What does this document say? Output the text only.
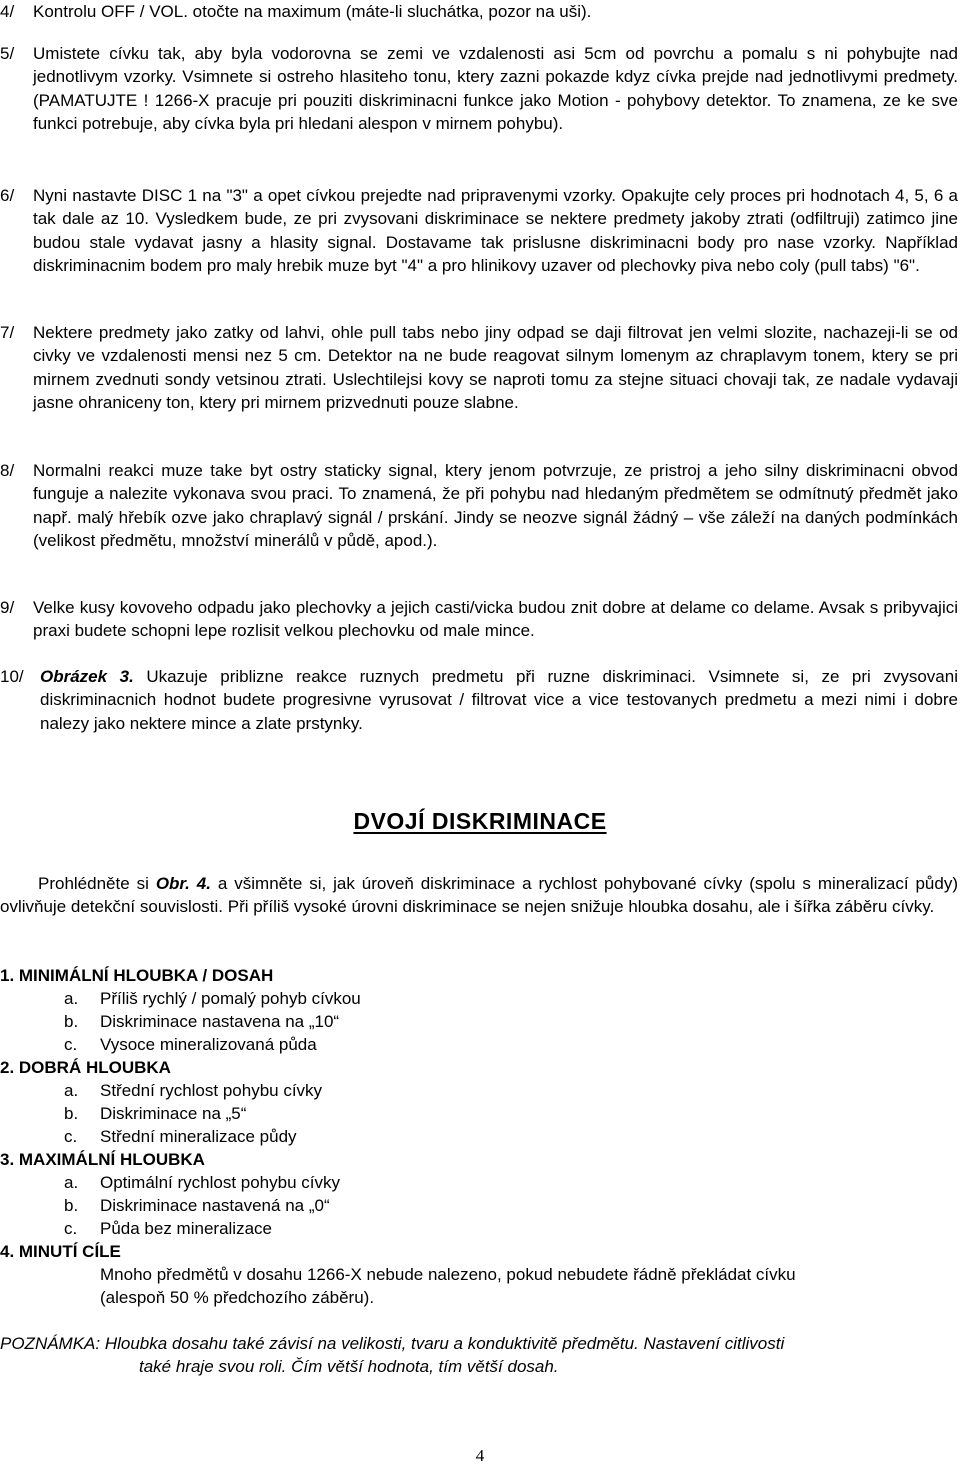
4/ Kontrolu OFF / VOL. otočte na maximum (máte-li sluchátka, pozor na uši).
5/ Umistete cívku tak, aby byla vodorovna se zemi ve vzdalenosti asi 5cm od povrchu a pomalu s ni pohybujte nad jednotlivym vzorky. Vsimnete si ostreho hlasiteho tonu, ktery zazni pokazde kdyz cívka prejde nad jednotlivymi predmety. (PAMATUJTE ! 1266-X pracuje pri pouziti diskriminacni funkce jako Motion - pohybovy detektor. To znamena, ze ke sve funkci potrebuje, aby cívka byla pri hledani alespon v mirnem pohybu).
6/ Nyni nastavte DISC 1 na "3" a opet cívkou prejedte nad pripravenymi vzorky. Opakujte cely proces pri hodnotach 4, 5, 6 a tak dale az 10. Vysledkem bude, ze pri zvysovani diskriminace se nektere predmety jakoby ztrati (odfiltruji) zatimco jine budou stale vydavat jasny a hlasity signal. Dostavame tak prislusne diskriminacni body pro nase vzorky. Například diskriminacnim bodem pro maly hrebik muze byt "4" a pro hlinikovy uzaver od plechovky piva nebo coly (pull tabs) "6".
7/ Nektere predmety jako zatky od lahvi, ohle pull tabs nebo jiny odpad se daji filtrovat jen velmi slozite, nachazeji-li se od civky ve vzdalenosti mensi nez 5 cm. Detektor na ne bude reagovat silnym lomenym az chraplavym tonem, ktery se pri mirnem zvednuti sondy vetsinou ztrati. Uslechtilejsi kovy se naproti tomu za stejne situaci chovaji tak, ze nadale vydavaji jasne ohraniceny ton, ktery pri mirnem prizvednuti pouze slabne.
8/ Normalni reakci muze take byt ostry staticky signal, ktery jenom potvrzuje, ze pristroj a jeho silny diskriminacni obvod funguje a nalezite vykonava svou praci. To znamená, že při pohybu nad hledaným předmětem se odmítnutý předmět jako např. malý hřebík ozve jako chraplavý signál / prskání. Jindy se neozve signál žádný – vše záleží na daných podmínkách (velikost předmětu, množství minerálů v půdě, apod.).
9/ Velke kusy kovoveho odpadu jako plechovky a jejich casti/vicka budou znit dobre at delame co delame. Avsak s pribyvajici praxi budete schopni lepe rozlisit velkou plechovku od male mince.
10/ Obrázek 3. Ukazuje priblizne reakce ruznych predmetu při ruzne diskriminaci. Vsimnete si, ze pri zvysovani diskriminacnich hodnot budete progresivne vyrusovat / filtrovat vice a vice testovanych predmetu a mezi nimi i dobre nalezy jako nektere mince a zlate prstynky.
DVOJÍ DISKRIMINACE
Prohlédněte si Obr. 4. a všimněte si, jak úroveň diskriminace a rychlost pohybované cívky (spolu s mineralizací půdy) ovlivňuje detekční souvislosti. Při příliš vysoké úrovni diskriminace se nejen snižuje hloubka dosahu, ale i šířka záběru cívky.
1. MINIMÁLNÍ HLOUBKA / DOSAH
a. Příliš rychlý / pomalý pohyb cívkou
b. Diskriminace nastavena na „10“
c. Vysoce mineralizovaná půda
2. DOBRÁ HLOUBKA
a. Střední rychlost pohybu cívky
b. Diskriminace na „5“
c. Střední mineralizace půdy
3. MAXIMÁLNÍ HLOUBKA
a. Optimální rychlost pohybu cívky
b. Diskriminace nastavená na „0“
c. Půda bez mineralizace
4. MINUTÍ CÍLE
Mnoho předmětů v dosahu 1266-X nebude nalezeno, pokud nebudete řádně překládat cívku
(alespoň 50 % předchozího záběru).
POZNÁMKA: Hloubka dosahu také závisí na velikosti, tvaru a konduktivitě předmětu. Nastavení citlivosti
také hraje svou roli. Čím větší hodnota, tím větší dosah.
4
